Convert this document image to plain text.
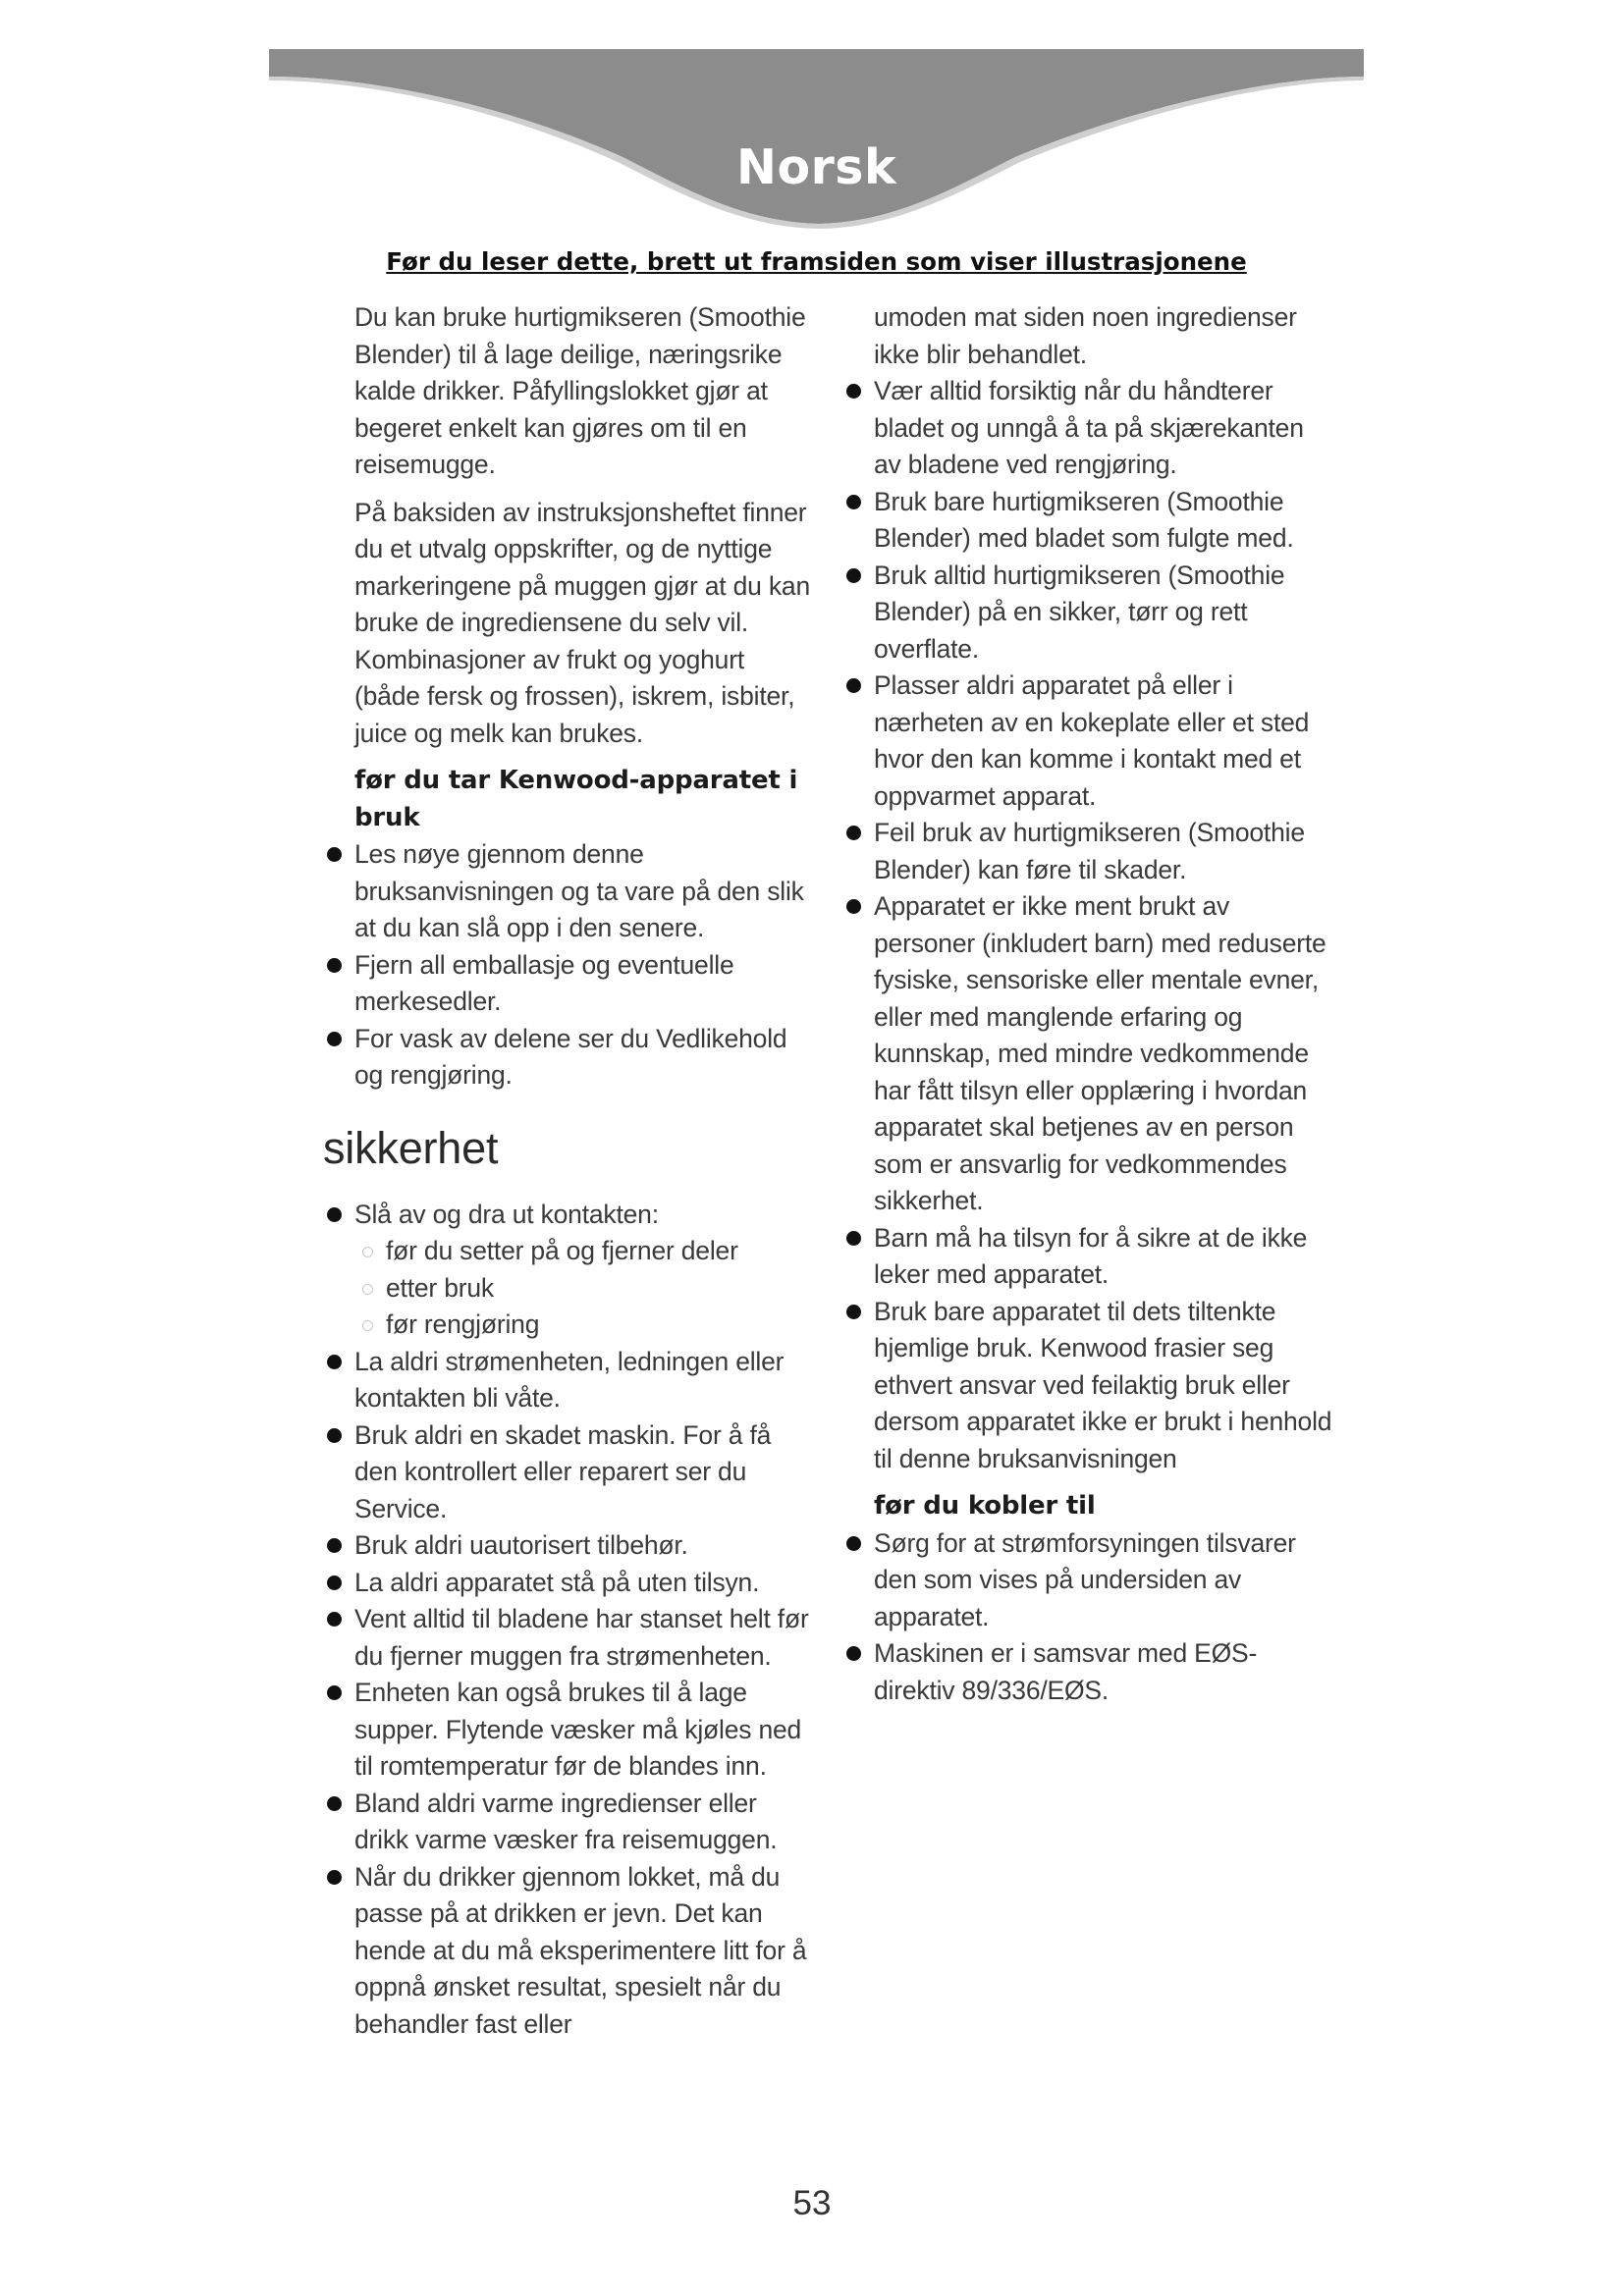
Norsk
Før du leser dette, brett ut framsiden som viser illustrasjonene

Du kan bruke hurtigmikseren (Smoothie Blender) til å lage deilige, næringsrike kalde drikker. Påfyllingslokket gjør at begeret enkelt kan gjøres om til en reisemugge.

På baksiden av instruksjonsheftet finner du et utvalg oppskrifter, og de nyttige markeringene på muggen gjør at du kan bruke de ingrediensene du selv vil. Kombinasjoner av frukt og yoghurt (både fersk og frossen), iskrem, isbiter, juice og melk kan brukes.

før du tar Kenwood-apparatet i bruk
Les nøye gjennom denne bruksanvisningen og ta vare på den slik at du kan slå opp i den senere.
Fjern all emballasje og eventuelle merkesedler.
For vask av delene ser du Vedlikehold og rengjøring.
sikkerhet
Slå av og dra ut kontakten:
før du setter på og fjerner deler
etter bruk
før rengjøring
La aldri strømenheten, ledningen eller kontakten bli våte.
Bruk aldri en skadet maskin. For å få den kontrollert eller reparert ser du Service.
Bruk aldri uautorisert tilbehør.
La aldri apparatet stå på uten tilsyn.
Vent alltid til bladene har stanset helt før du fjerner muggen fra strømenheten.
Enheten kan også brukes til å lage supper. Flytende væsker må kjøles ned til romtemperatur før de blandes inn.
Bland aldri varme ingredienser eller drikk varme væsker fra reisemuggen.
Når du drikker gjennom lokket, må du passe på at drikken er jevn. Det kan hende at du må eksperimentere litt for å oppnå ønsket resultat, spesielt når du behandler fast eller

umoden mat siden noen ingredienser ikke blir behandlet.

Vær alltid forsiktig når du håndterer bladet og unngå å ta på skjærekanten av bladene ved rengjøring.
Bruk bare hurtigmikseren (Smoothie Blender) med bladet som fulgte med.
Bruk alltid hurtigmikseren (Smoothie Blender) på en sikker, tørr og rett overflate.
Plasser aldri apparatet på eller i nærheten av en kokeplate eller et sted hvor den kan komme i kontakt med et oppvarmet apparat.
Feil bruk av hurtigmikseren (Smoothie Blender) kan føre til skader.
Apparatet er ikke ment brukt av personer (inkludert barn) med reduserte fysiske, sensoriske eller mentale evner, eller med manglende erfaring og kunnskap, med mindre vedkommende har fått tilsyn eller opplæring i hvordan apparatet skal betjenes av en person som er ansvarlig for vedkommendes sikkerhet.
Barn må ha tilsyn for å sikre at de ikke leker med apparatet.
Bruk bare apparatet til dets tiltenkte hjemlige bruk. Kenwood frasier seg ethvert ansvar ved feilaktig bruk eller dersom apparatet ikke er brukt i henhold til denne bruksanvisningen
før du kobler til
Sørg for at strømforsyningen tilsvarer den som vises på undersiden av apparatet.
Maskinen er i samsvar med EØS-direktiv 89/336/EØS.
53
